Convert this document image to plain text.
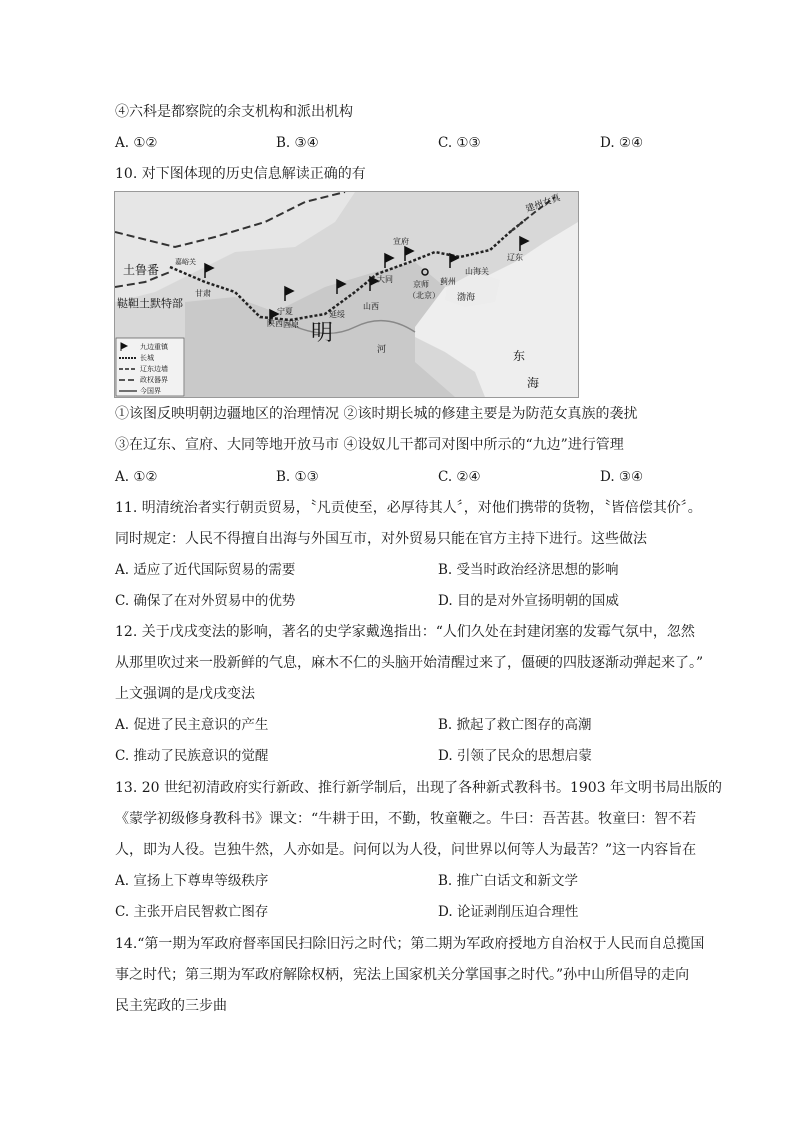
④六科是都察院的余支机构和派出机构
A. ①②	B. ③④	C. ①③	D. ②④
10. 对下图体现的历史信息解读正确的有
土鲁番
嘉峪关
鞑靼土默特部
甘肃
宁夏
固原
延绥
山西
陕西
大同
宣府
京师
（北京）
蓟州
山海关
辽东
建州女真
渤海
明
河	东
海
九边重镇
长城
辽东边墙
政权器界
今国界
①该图反映明朝边疆地区的治理情况 ②该时期长城的修建主要是为防范女真族的袭扰
③在辽东、宣府、大同等地开放马市 ④设奴儿干都司对图中所示的“九边”进行管理
A. ①②	B. ①③	C. ②④	D. ③④
11. 明清统治者实行朝贡贸易，〝凡贡使至，必厚待其人〞，对他们携带的货物，〝皆倍偿其价〞。
同时规定：人民不得擅自出海与外国互市，对外贸易只能在官方主持下进行。这些做法
A. 适应了近代国际贸易的需要	B. 受当时政治经济思想的影响
C. 确保了在对外贸易中的优势	D. 目的是对外宣扬明朝的国威
12. 关于戊戌变法的影响，著名的史学家戴逸指出：“人们久处在封建闭塞的发霉气氛中，忽然
从那里吹过来一股新鲜的气息，麻木不仁的头脑开始清醒过来了，僵硬的四肢逐渐动弹起来了。”
上文强调的是戊戌变法
A. 促进了民主意识的产生	B. 掀起了救亡图存的高潮
C. 推动了民族意识的觉醒	D. 引领了民众的思想启蒙
13. 20 世纪初清政府实行新政、推行新学制后，出现了各种新式教科书。1903 年文明书局出版的
《蒙学初级修身教科书》课文：“牛耕于田，不勤，牧童鞭之。牛曰：吾苦甚。牧童曰：智不若
人，即为人役。岂独牛然，人亦如是。问何以为人役，问世界以何等人为最苦？”这一内容旨在
A. 宣扬上下尊卑等级秩序	B. 推广白话文和新文学
C. 主张开启民智救亡图存	D. 论证剥削压迫合理性
14.“第一期为军政府督率国民扫除旧污之时代；第二期为军政府授地方自治权于人民而自总揽国
事之时代；第三期为军政府解除权柄，宪法上国家机关分掌国事之时代。”孙中山所倡导的走向
民主宪政的三步曲
